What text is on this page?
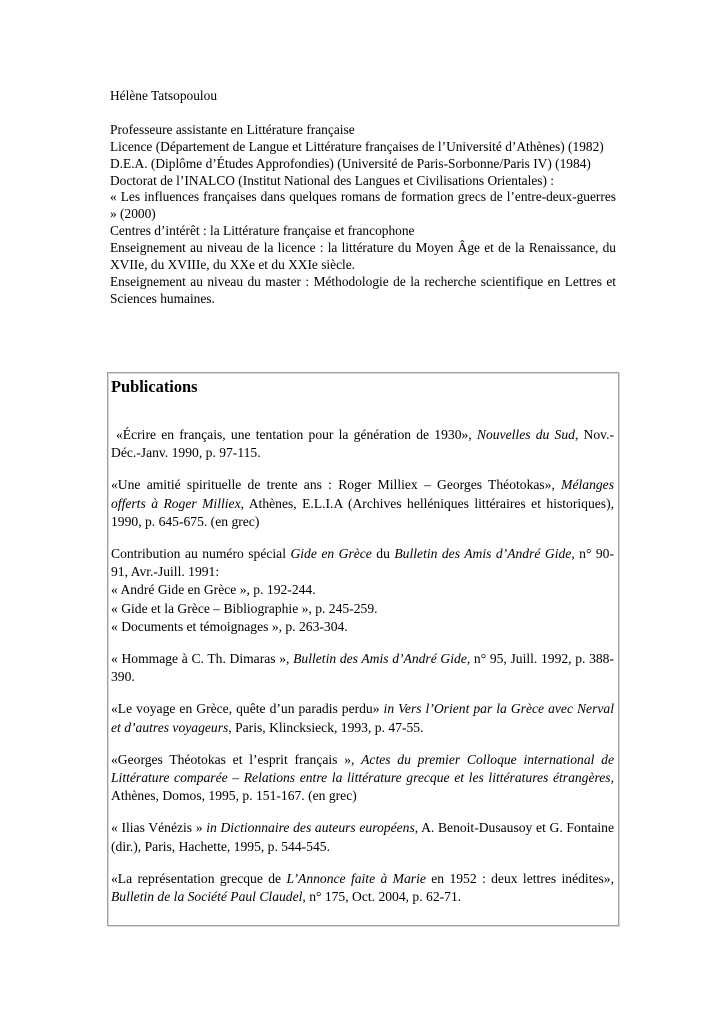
Hélène Tatsopoulou

Professeure assistante en Littérature française

Licence (Département de Langue et Littérature françaises de l’Université d’Athènes) (1982)

D.E.A. (Diplôme d’Études Approfondies) (Université de Paris-Sorbonne/Paris IV) (1984)

Doctorat de l’INALCO (Institut National des Langues et Civilisations Orientales) :

« Les influences françaises dans quelques romans de formation grecs de l’entre-deux-guerres » (2000)

Centres d’intérêt : la Littérature française et francophone

Enseignement au niveau de la licence : la littérature du Moyen Âge et de la Renaissance, du XVIIe, du XVIIIe, du XXe et du XXIe siècle.

Enseignement au niveau du master : Méthodologie de la recherche scientifique en Lettres et Sciences humaines.

Publications

«Écrire en français, une tentation pour la génération de 1930», Nouvelles du Sud, Nov.-Déc.-Janv. 1990, p. 97-115.

«Une amitié spirituelle de trente ans : Roger Milliex – Georges Théotokas», Mélanges offerts à Roger Milliex, Athènes, E.L.I.A (Archives helléniques littéraires et historiques), 1990, p. 645-675. (en grec)

Contribution au numéro spécial Gide en Grèce du Bulletin des Amis d’André Gide, n° 90-91, Avr.-Juill. 1991:
« André Gide en Grèce », p. 192-244.
« Gide et la Grèce – Bibliographie », p. 245-259.
« Documents et témoignages », p. 263-304.

« Hommage à C. Th. Dimaras », Bulletin des Amis d’André Gide, n° 95, Juill. 1992, p. 388-390.

«Le voyage en Grèce, quête d’un paradis perdu» in Vers l’Orient par la Grèce avec Nerval et d’autres voyageurs, Paris, Klincksieck, 1993, p. 47-55.

«Georges Théotokas et l’esprit français », Actes du premier Colloque international de Littérature comparée – Relations entre la littérature grecque et les littératures étrangères, Athènes, Domos, 1995, p. 151-167. (en grec)

« Ilias Vénézis » in Dictionnaire des auteurs européens, A. Benoit-Dusausoy et G. Fontaine (dir.), Paris, Hachette, 1995, p. 544-545.

«La représentation grecque de L’Annonce faite à Marie en 1952 : deux lettres inédites», Bulletin de la Société Paul Claudel, n° 175, Oct. 2004, p. 62-71.
